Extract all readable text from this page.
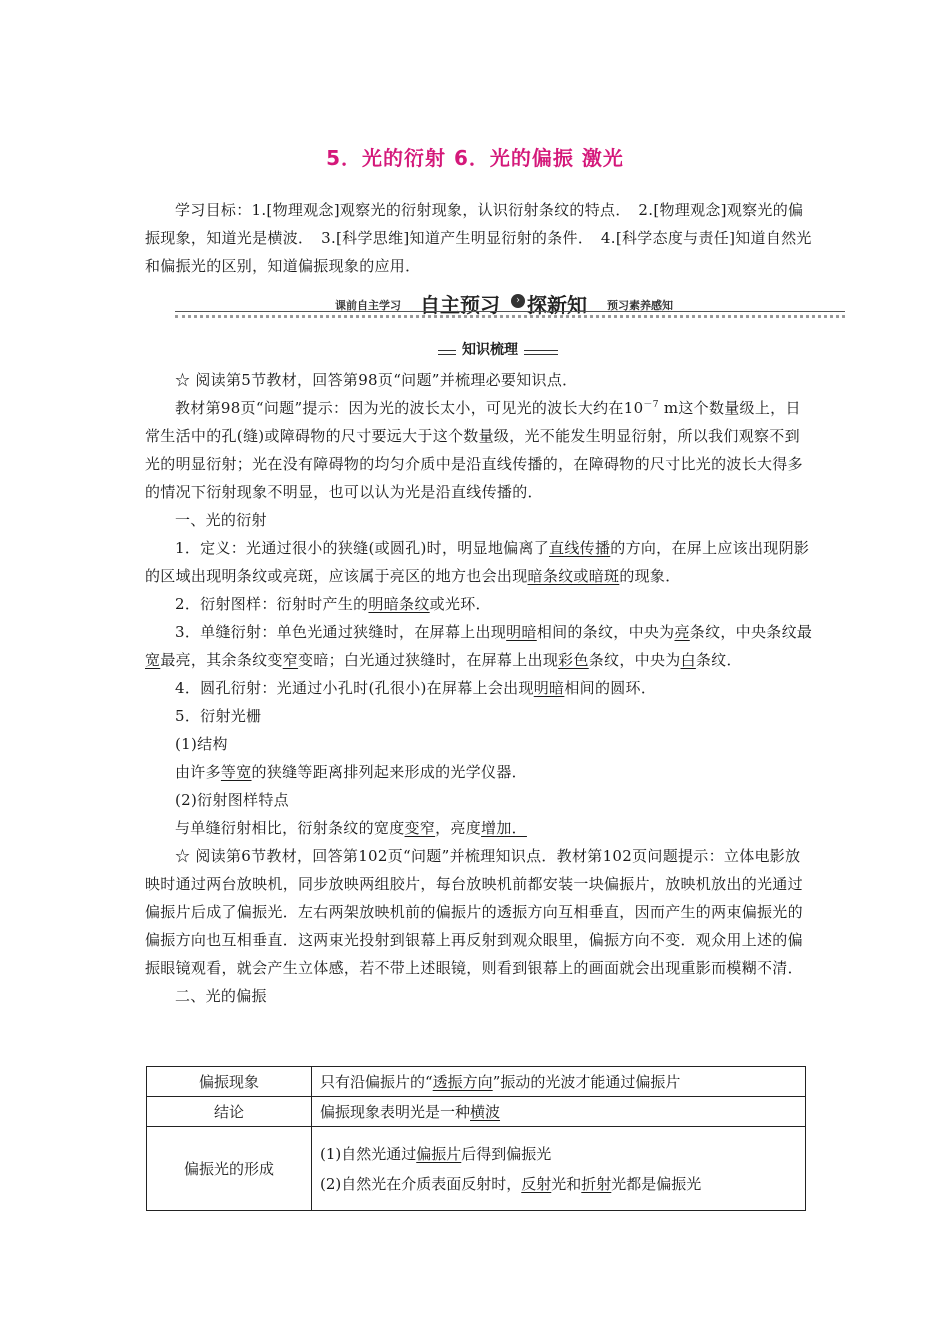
5．光的衍射 6．光的偏振 激光

学习目标：1.[物理观念]观察光的衍射现象，认识衍射条纹的特点．　2.[物理观念]观察光的偏振现象，知道光是横波．　3.[科学思维]知道产生明显衍射的条件．　4.[科学态度与责任]知道自然光和偏振光的区别，知道偏振现象的应用．

课前自主学习 自主预习	› 探新知 预习素养感知
知识梳理

☆ 阅读第5节教材，回答第98页“问题”并梳理必要知识点．

教材第98页“问题”提示：因为光的波长太小，可见光的波长大约在$10^{-7}$ m这个数量级上，日常生活中的孔(缝)或障碍物的尺寸要远大于这个数量级，光不能发生明显衍射，所以我们观察不到光的明显衍射；光在没有障碍物的均匀介质中是沿直线传播的，在障碍物的尺寸比光的波长大得多的情况下衍射现象不明显，也可以认为光是沿直线传播的．

一、光的衍射

1．定义：光通过很小的狭缝(或圆孔)时，明显地偏离了直线传播的方向，在屏上应该出现阴影的区域出现明条纹或亮斑，应该属于亮区的地方也会出现暗条纹或暗斑的现象．

2．衍射图样：衍射时产生的明暗条纹或光环．

3．单缝衍射：单色光通过狭缝时，在屏幕上出现明暗相间的条纹，中央为亮条纹，中央条纹最宽最亮，其余条纹变窄变暗；白光通过狭缝时，在屏幕上出现彩色条纹，中央为白条纹．

4．圆孔衍射：光通过小孔时(孔很小)在屏幕上会出现明暗相间的圆环．

5．衍射光栅

(1)结构

由许多等宽的狭缝等距离排列起来形成的光学仪器．

(2)衍射图样特点

与单缝衍射相比，衍射条纹的宽度变窄，亮度增加．

☆ 阅读第6节教材，回答第102页“问题”并梳理知识点．教材第102页问题提示：立体电影放映时通过两台放映机，同步放映两组胶片，每台放映机前都安装一块偏振片，放映机放出的光通过偏振片后成了偏振光．左右两架放映机前的偏振片的透振方向互相垂直，因而产生的两束偏振光的偏振方向也互相垂直．这两束光投射到银幕上再反射到观众眼里，偏振方向不变．观众用上述的偏振眼镜观看，就会产生立体感，若不带上述眼镜，则看到银幕上的画面就会出现重影而模糊不清．

二、光的偏振

偏振现象	只有沿偏振片的“透振方向”振动的光波才能通过偏振片
结论	偏振现象表明光是一种横波
偏振光的形成	(1)自然光通过偏振片后得到偏振光
(2)自然光在介质表面反射时，反射光和折射光都是偏振光
